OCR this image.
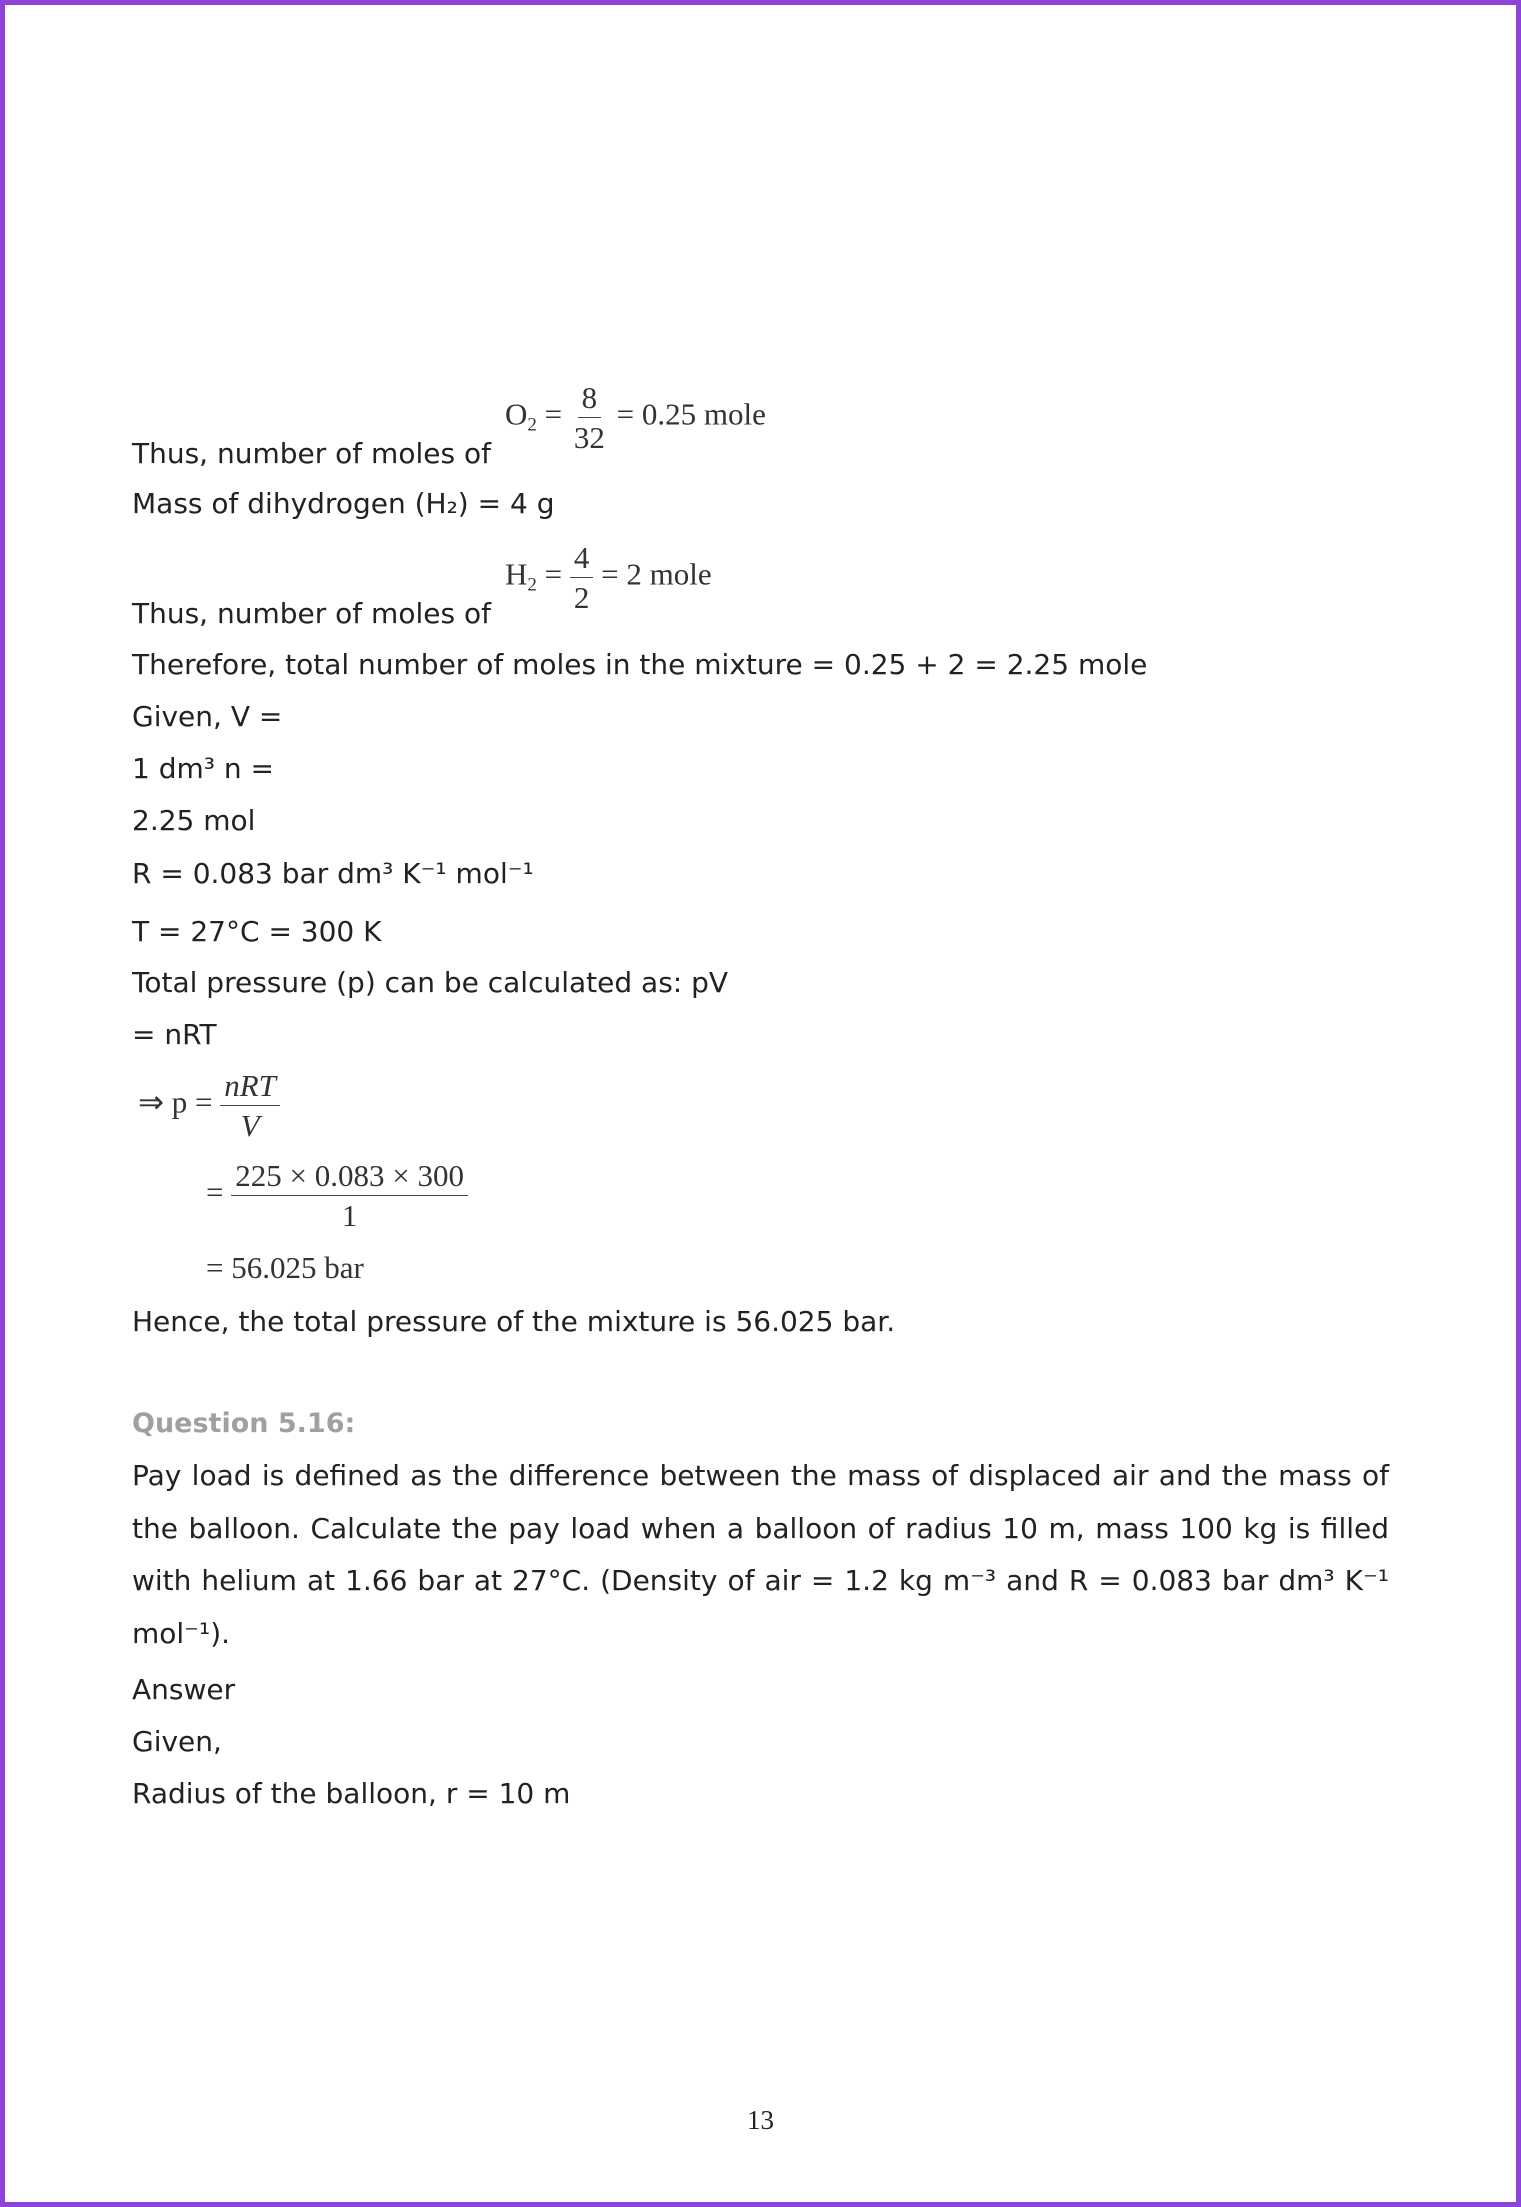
$O_2 = \frac{8}{32} = 0.25$ mole
Thus, number of moles of
Mass of dihydrogen (H₂) = 4 g
$H_2 = \frac{4}{2} = 2$ mole
Thus, number of moles of
Therefore, total number of moles in the mixture = 0.25 + 2 = 2.25 mole
Given, V =
1 dm³ n =
2.25 mol
R = 0.083 bar dm³ K⁻¹ mol⁻¹
T = 27°C = 300 K
Total pressure (p) can be calculated as: pV
= nRT
⇒ $p = \frac{\text{nRT}}{V}$
= $\frac{225 \times 0.083 \times 300}{1}$
= 56.025 bar
Hence, the total pressure of the mixture is 56.025 bar.
Question 5.16:
Pay load is defined as the difference between the mass of displaced air and the mass of
the balloon. Calculate the pay load when a balloon of radius 10 m, mass 100 kg is filled
with helium at 1.66 bar at 27°C. (Density of air = 1.2 kg m⁻³ and R = 0.083 bar dm³ K⁻¹
mol⁻¹).
Answer
Given,
Radius of the balloon, r = 10 m
13
